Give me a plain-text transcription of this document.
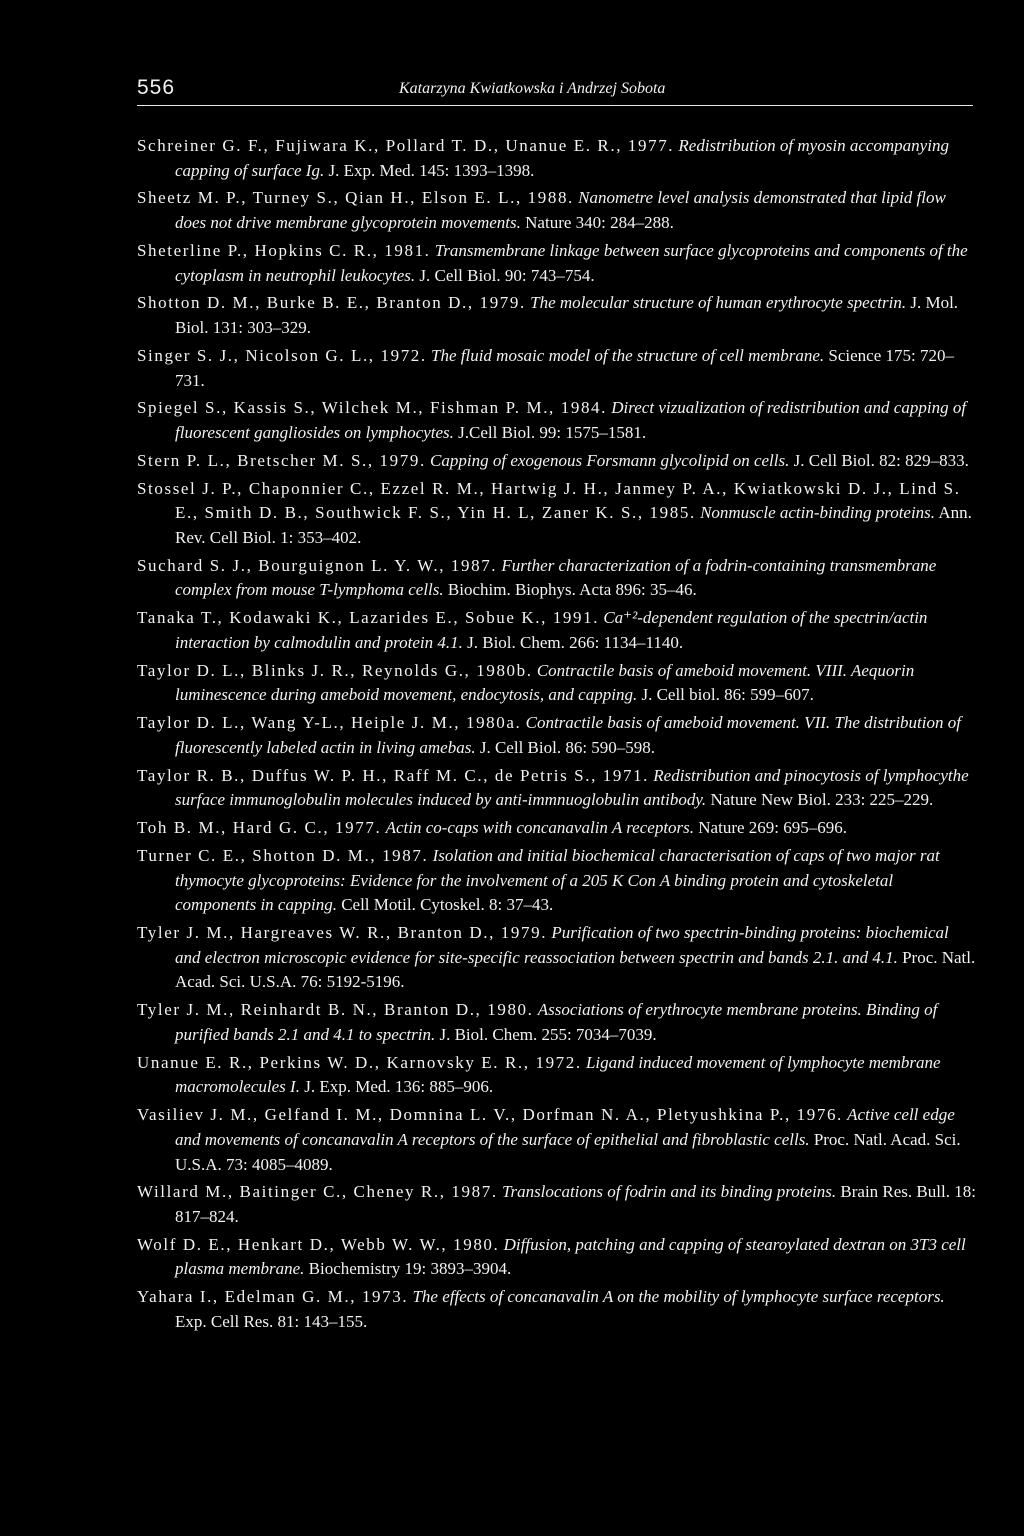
556	Katarzyna Kwiatkowska i Andrzej Sobota
Schreiner G. F., Fujiwara K., Pollard T. D., Unanue E. R., 1977. Redistribution of myosin accompanying capping of surface Ig. J. Exp. Med. 145: 1393–1398.
Sheetz M. P., Turney S., Qian H., Elson E. L., 1988. Nanometre level analysis demonstrated that lipid flow does not drive membrane glycoprotein movements. Nature 340: 284–288.
Sheterline P., Hopkins C. R., 1981. Transmembrane linkage between surface glycoproteins and components of the cytoplasm in neutrophil leukocytes. J. Cell Biol. 90: 743–754.
Shotton D. M., Burke B. E., Branton D., 1979. The molecular structure of human erythrocyte spectrin. J. Mol. Biol. 131: 303–329.
Singer S. J., Nicolson G. L., 1972. The fluid mosaic model of the structure of cell membrane. Science 175: 720–731.
Spiegel S., Kassis S., Wilchek M., Fishman P. M., 1984. Direct vizualization of redistribution and capping of fluorescent gangliosides on lymphocytes. J.Cell Biol. 99: 1575–1581.
Stern P. L., Bretscher M. S., 1979. Capping of exogenous Forsmann glycolipid on cells. J. Cell Biol. 82: 829–833.
Stossel J. P., Chaponnier C., Ezzel R. M., Hartwig J. H., Janmey P. A., Kwiatkowski D. J., Lind S. E., Smith D. B., Southwick F. S., Yin H. L, Zaner K. S., 1985. Nonmuscle actin-binding proteins. Ann. Rev. Cell Biol. 1: 353–402.
Suchard S. J., Bourguignon L. Y. W., 1987. Further characterization of a fodrin-containing transmembrane complex from mouse T-lymphoma cells. Biochim. Biophys. Acta 896: 35–46.
Tanaka T., Kodawaki K., Lazarides E., Sobue K., 1991. Ca⁺²-dependent regulation of the spectrin/actin interaction by calmodulin and protein 4.1. J. Biol. Chem. 266: 1134–1140.
Taylor D. L., Blinks J. R., Reynolds G., 1980b. Contractile basis of ameboid movement. VIII. Aequorin luminescence during ameboid movement, endocytosis, and capping. J. Cell biol. 86: 599–607.
Taylor D. L., Wang Y-L., Heiple J. M., 1980a. Contractile basis of ameboid movement. VII. The distribution of fluorescently labeled actin in living amebas. J. Cell Biol. 86: 590–598.
Taylor R. B., Duffus W. P. H., Raff M. C., de Petris S., 1971. Redistribution and pinocytosis of lymphocythe surface immunoglobulin molecules induced by anti-immnuoglobulin antibody. Nature New Biol. 233: 225–229.
Toh B. M., Hard G. C., 1977. Actin co-caps with concanavalin A receptors. Nature 269: 695–696.
Turner C. E., Shotton D. M., 1987. Isolation and initial biochemical characterisation of caps of two major rat thymocyte glycoproteins: Evidence for the involvement of a 205 K Con A binding protein and cytoskeletal components in capping. Cell Motil. Cytoskel. 8: 37–43.
Tyler J. M., Hargreaves W. R., Branton D., 1979. Purification of two spectrin-binding proteins: biochemical and electron microscopic evidence for site-specific reassociation between spectrin and bands 2.1. and 4.1. Proc. Natl. Acad. Sci. U.S.A. 76: 5192-5196.
Tyler J. M., Reinhardt B. N., Branton D., 1980. Associations of erythrocyte membrane proteins. Binding of purified bands 2.1 and 4.1 to spectrin. J. Biol. Chem. 255: 7034–7039.
Unanue E. R., Perkins W. D., Karnovsky E. R., 1972. Ligand induced movement of lymphocyte membrane macromolecules I. J. Exp. Med. 136: 885–906.
Vasiliev J. M., Gelfand I. M., Domnina L. V., Dorfman N. A., Pletyushkina P., 1976. Active cell edge and movements of concanavalin A receptors of the surface of epithelial and fibroblastic cells. Proc. Natl. Acad. Sci. U.S.A. 73: 4085–4089.
Willard M., Baitinger C., Cheney R., 1987. Translocations of fodrin and its binding proteins. Brain Res. Bull. 18: 817–824.
Wolf D. E., Henkart D., Webb W. W., 1980. Diffusion, patching and capping of stearoylated dextran on 3T3 cell plasma membrane. Biochemistry 19: 3893–3904.
Yahara I., Edelman G. M., 1973. The effects of concanavalin A on the mobility of lymphocyte surface receptors. Exp. Cell Res. 81: 143–155.
